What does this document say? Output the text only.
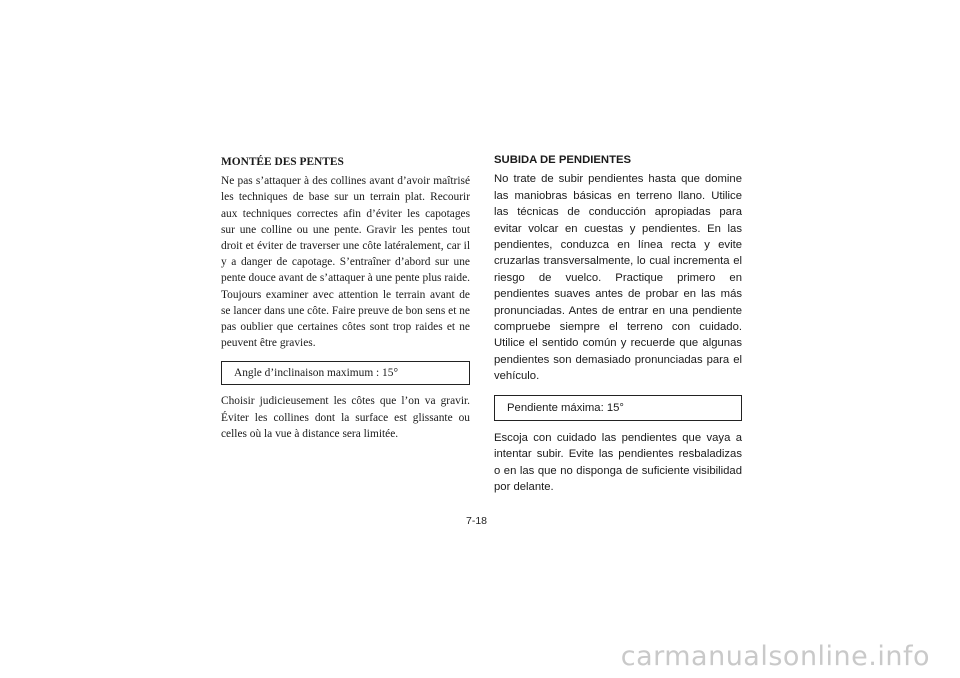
MONTÉE DES PENTES

Ne pas s’attaquer à des collines avant d’avoir maîtrisé les techniques de base sur un terrain plat. Recourir aux techniques correctes afin d’éviter les capotages sur une colline ou une pente. Gravir les pentes tout droit et éviter de traverser une côte latéralement, car il y a danger de capotage. S’entraîner d’abord sur une pente douce avant de s’attaquer à une pente plus raide. Toujours examiner avec attention le terrain avant de se lancer dans une côte. Faire preuve de bon sens et ne pas oublier que certaines côtes sont trop raides et ne peuvent être gravies.

Angle d’inclinaison maximum : 15°

Choisir judicieusement les côtes que l’on va gravir. Éviter les collines dont la surface est glissante ou celles où la vue à distance sera limitée.

SUBIDA DE PENDIENTES

No trate de subir pendientes hasta que domine las maniobras básicas en terreno llano. Utilice las técnicas de conducción apropiadas para evitar volcar en cuestas y pendientes. En las pendientes, conduzca en línea recta y evite cruzarlas transversalmente, lo cual incrementa el riesgo de vuelco. Practique primero en pendientes suaves antes de probar en las más pronunciadas. Antes de entrar en una pendiente compruebe siempre el terreno con cuidado. Utilice el sentido común y recuerde que algunas pendientes son demasiado pronunciadas para el vehículo.

Pendiente máxima: 15°

Escoja con cuidado las pendientes que vaya a intentar subir. Evite las pendientes resbaladizas o en las que no disponga de suficiente visibilidad por delante.

7-18
carmanualsonline.info
